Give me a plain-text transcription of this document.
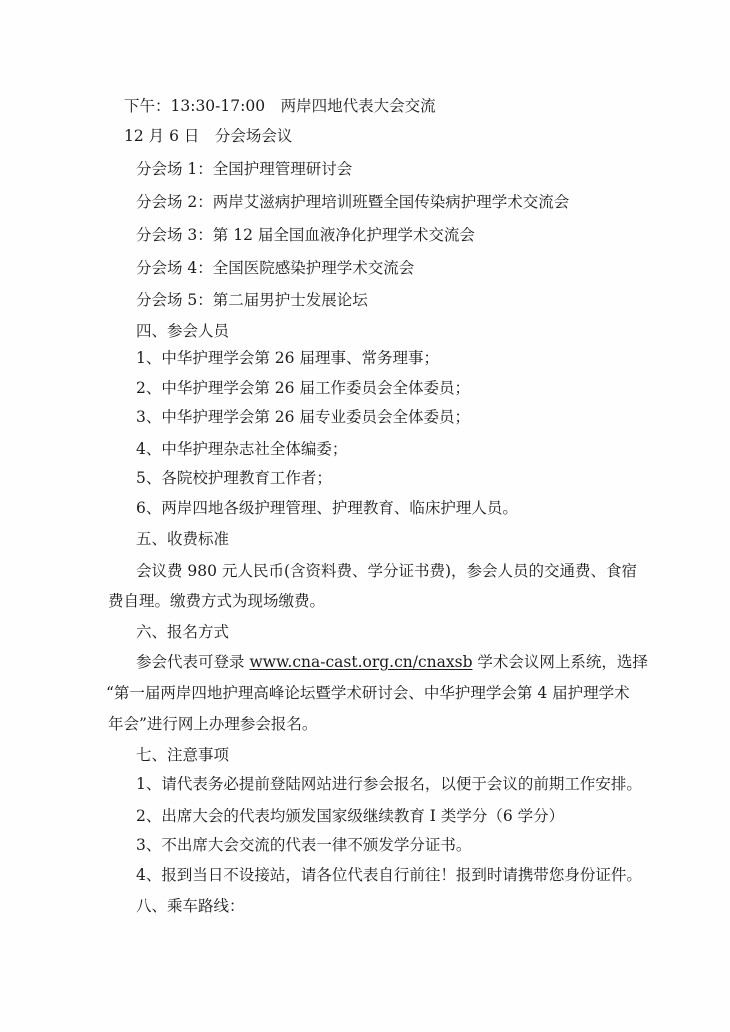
下午：13:30-17:00　两岸四地代表大会交流
12 月 6 日　分会场会议
分会场 1：全国护理管理研讨会
分会场 2：两岸艾滋病护理培训班暨全国传染病护理学术交流会
分会场 3：第 12 届全国血液净化护理学术交流会
分会场 4：全国医院感染护理学术交流会
分会场 5：第二届男护士发展论坛
四、参会人员
1、中华护理学会第 26 届理事、常务理事；
2、中华护理学会第 26 届工作委员会全体委员；
3、中华护理学会第 26 届专业委员会全体委员；
4、中华护理杂志社全体编委；
5、各院校护理教育工作者；
6、两岸四地各级护理管理、护理教育、临床护理人员。
五、收费标准
会议费 980 元人民币(含资料费、学分证书费)，参会人员的交通费、食宿
费自理。缴费方式为现场缴费。
六、报名方式
参会代表可登录 www.cna-cast.org.cn/cnaxsb 学术会议网上系统，选择
“第一届两岸四地护理高峰论坛暨学术研讨会、中华护理学会第 4 届护理学术
年会”进行网上办理参会报名。
七、注意事项
1、请代表务必提前登陆网站进行参会报名，以便于会议的前期工作安排。
2、出席大会的代表均颁发国家级继续教育 I 类学分（6 学分）
3、不出席大会交流的代表一律不颁发学分证书。
4、报到当日不设接站，请各位代表自行前往！报到时请携带您身份证件。
八、乘车路线：
